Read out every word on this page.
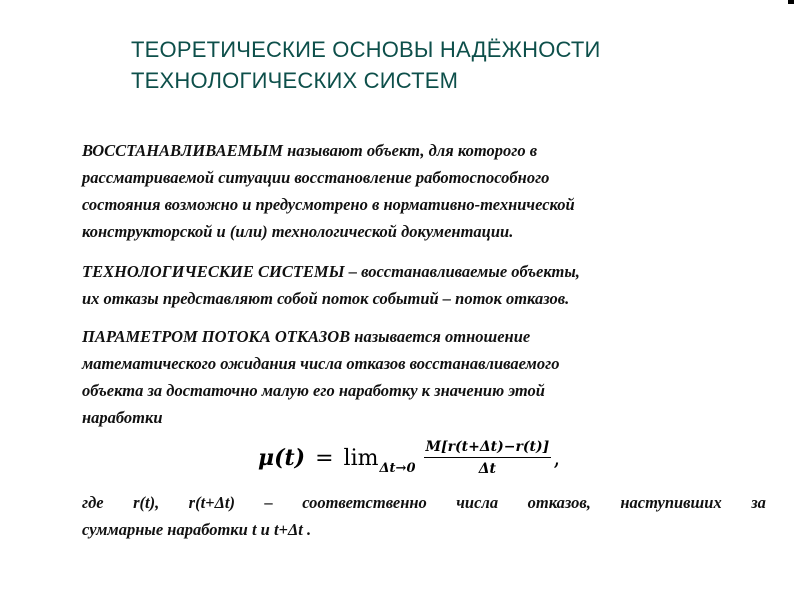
ТЕОРЕТИЧЕСКИЕ ОСНОВЫ НАДЁЖНОСТИ
ТЕХНОЛОГИЧЕСКИХ СИСТЕМ
ВОССТАНАВЛИВАЕМЫМ называют объект, для которого в
рассматриваемой ситуации восстановление работоспособного
состояния возможно и предусмотрено в нормативно-технической
конструкторской и (или) технологической документации.
ТЕХНОЛОГИЧЕСКИЕ СИСТЕМЫ – восстанавливаемые объекты,
их отказы представляют собой поток событий – поток отказов.
ПАРАМЕТРОМ ПОТОКА ОТКАЗОВ называется отношение
математического ожидания числа отказов восстанавливаемого
объекта за достаточно малую его наработку к значению этой
наработки
$\mu(t) = \lim \Delta t\to 0 \frac{M[r(t+\Delta t)-r(t)]}{\Delta t}$ ,
где r(t), r(t+Δt) – соответственно числа отказов, наступивших за
суммарные наработки t и t+Δt .
